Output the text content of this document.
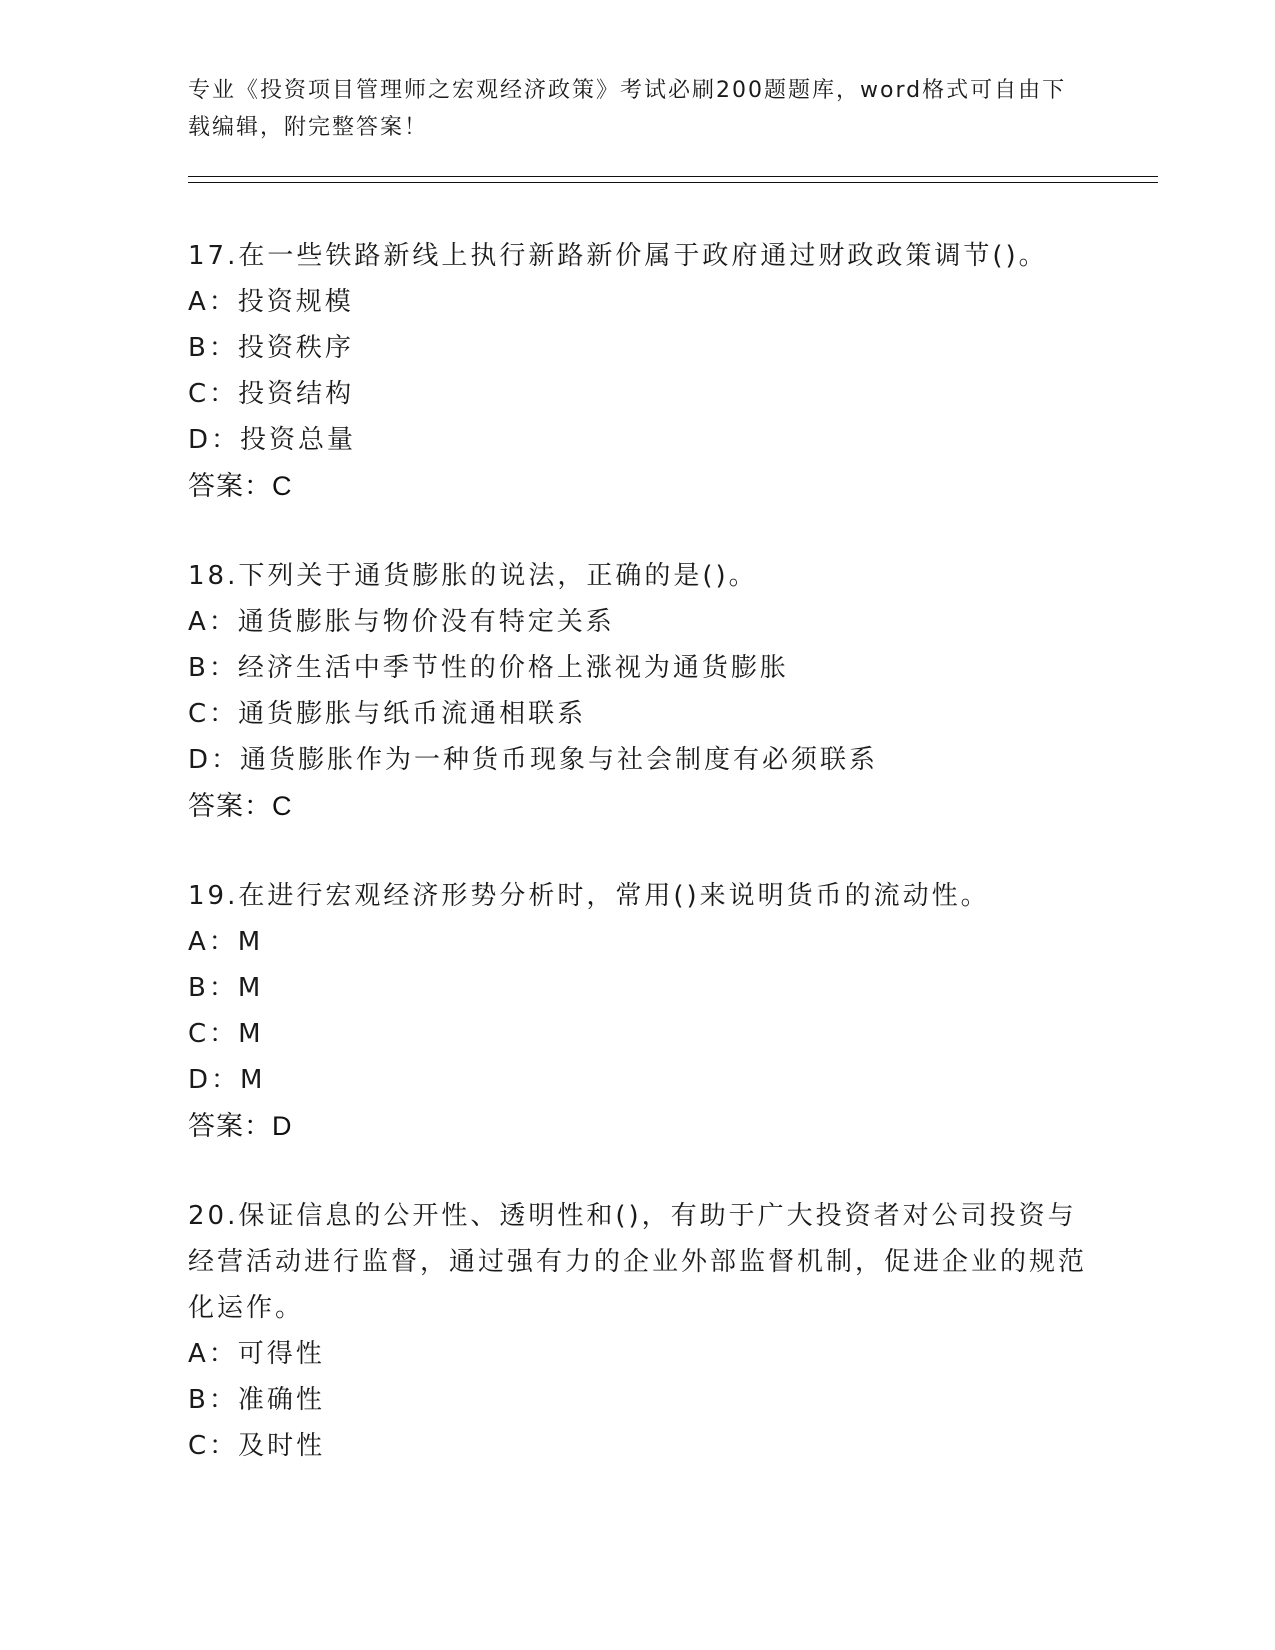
专业《投资项目管理师之宏观经济政策》考试必刷200题题库，word格式可自由下载编辑，附完整答案！
17.在一些铁路新线上执行新路新价属于政府通过财政政策调节()。
A：投资规模
B：投资秩序
C：投资结构
D：投资总量
答案：C
18.下列关于通货膨胀的说法，正确的是()。
A：通货膨胀与物价没有特定关系
B：经济生活中季节性的价格上涨视为通货膨胀
C：通货膨胀与纸币流通相联系
D：通货膨胀作为一种货币现象与社会制度有必须联系
答案：C
19.在进行宏观经济形势分析时，常用()来说明货币的流动性。
A：M
B：M
C：M
D：M
答案：D
20.保证信息的公开性、透明性和()，有助于广大投资者对公司投资与经营活动进行监督，通过强有力的企业外部监督机制，促进企业的规范化运作。
A：可得性
B：准确性
C：及时性
